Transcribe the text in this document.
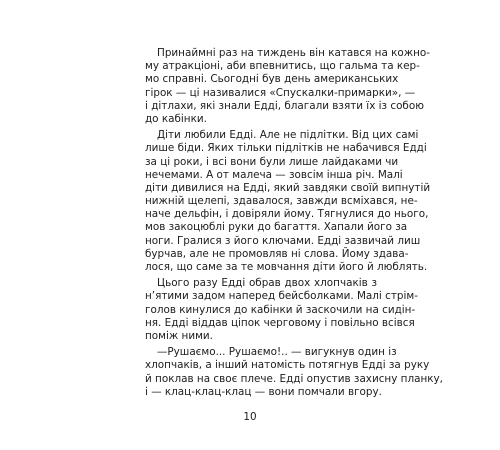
Принаймні раз на тиждень він катався на кожно-
му атракціоні, аби впевнитись, що гальма та кер-
мо справні. Сьогодні був день американських
гірок — ці називалися «Спускалки-примарки», —
і дітлахи, які знали Едді, благали взяти їх із собою
до кабінки.
Діти любили Едді. Але не підлітки. Від цих самі
лише біди. Яких тільки підлітків не набачився Едді
за ці роки, і всі вони були лише лайдаками чи
нечемами. А от малеча — зовсім інша річ. Малі
діти дивилися на Едді, який завдяки своїй випнутій
нижній щелепі, здавалося, завжди всміхався, не-
наче дельфін, і довіряли йому. Тягнулися до нього,
мов закоцюблі руки до багаття. Хапали його за
ноги. Гралися з його ключами. Едді зазвичай лиш
бурчав, але не промовляв ні слова. Йому здава-
лося, що саме за те мовчання діти його й люблять.
Цього разу Едді обрав двох хлопчаків з
н’ятими задом наперед бейсболками. Малі стрім-
голов кинулися до кабінки й заскочили на сидін-
ня. Едді віддав ціпок черговому і повільно всівся
поміж ними.
—Рушаємо... Рушаємо!.. — вигукнув один із
хлопчаків, а інший натомість потягнув Едді за руку
й поклав на своє плече. Едді опустив захисну планку,
і — клац-клац-клац — вони помчали вгору.
10
